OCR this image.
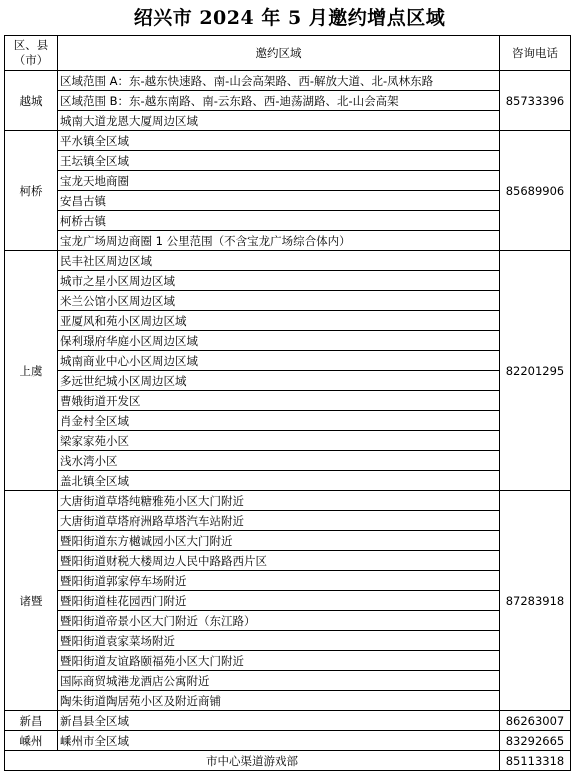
绍兴市 2024 年 5 月邀约增点区域
区、县
（市）	邀约区域	咨询电话
越城	区域范围 A：东-越东快速路、南-山会高架路、西-解放大道、北-凤林东路	85733396
	区域范围 B：东-越东南路、南-云东路、西-迪荡湖路、北-山会高架	
	城南大道龙恩大厦周边区域	
柯桥	平水镇全区域	85689906
	王坛镇全区域	
	宝龙天地商圈	
	安昌古镇	
	柯桥古镇	
	宝龙广场周边商圈 1 公里范围（不含宝龙广场综合体内）	
上虞	民丰社区周边区域	82201295
	城市之星小区周边区域	
	米兰公馆小区周边区域	
	亚厦风和苑小区周边区域	
	保利璟府华庭小区周边区域	
	城南商业中心小区周边区域	
	多远世纪城小区周边区域	
	曹娥街道开发区	
	肖金村全区域	
	梁家家苑小区	
	浅水湾小区	
	盖北镇全区域	
诸暨	大唐街道草塔纯糖雅苑小区大门附近	87283918
	大唐街道草塔府洲路草塔汽车站附近	
	暨阳街道东方樾诚园小区大门附近	
	暨阳街道财税大楼周边人民中路路西片区	
	暨阳街道郭家停车场附近	
	暨阳街道桂花园西门附近	
	暨阳街道帝景小区大门附近（东江路）	
	暨阳街道袁家菜场附近	
	暨阳街道友谊路颐福苑小区大门附近	
	国际商贸城港龙酒店公寓附近	
	陶朱街道陶居苑小区及附近商铺	
新昌	新昌县全区域	86263007
嵊州	嵊州市全区域	83292665
市中心渠道游戏部		85113318
